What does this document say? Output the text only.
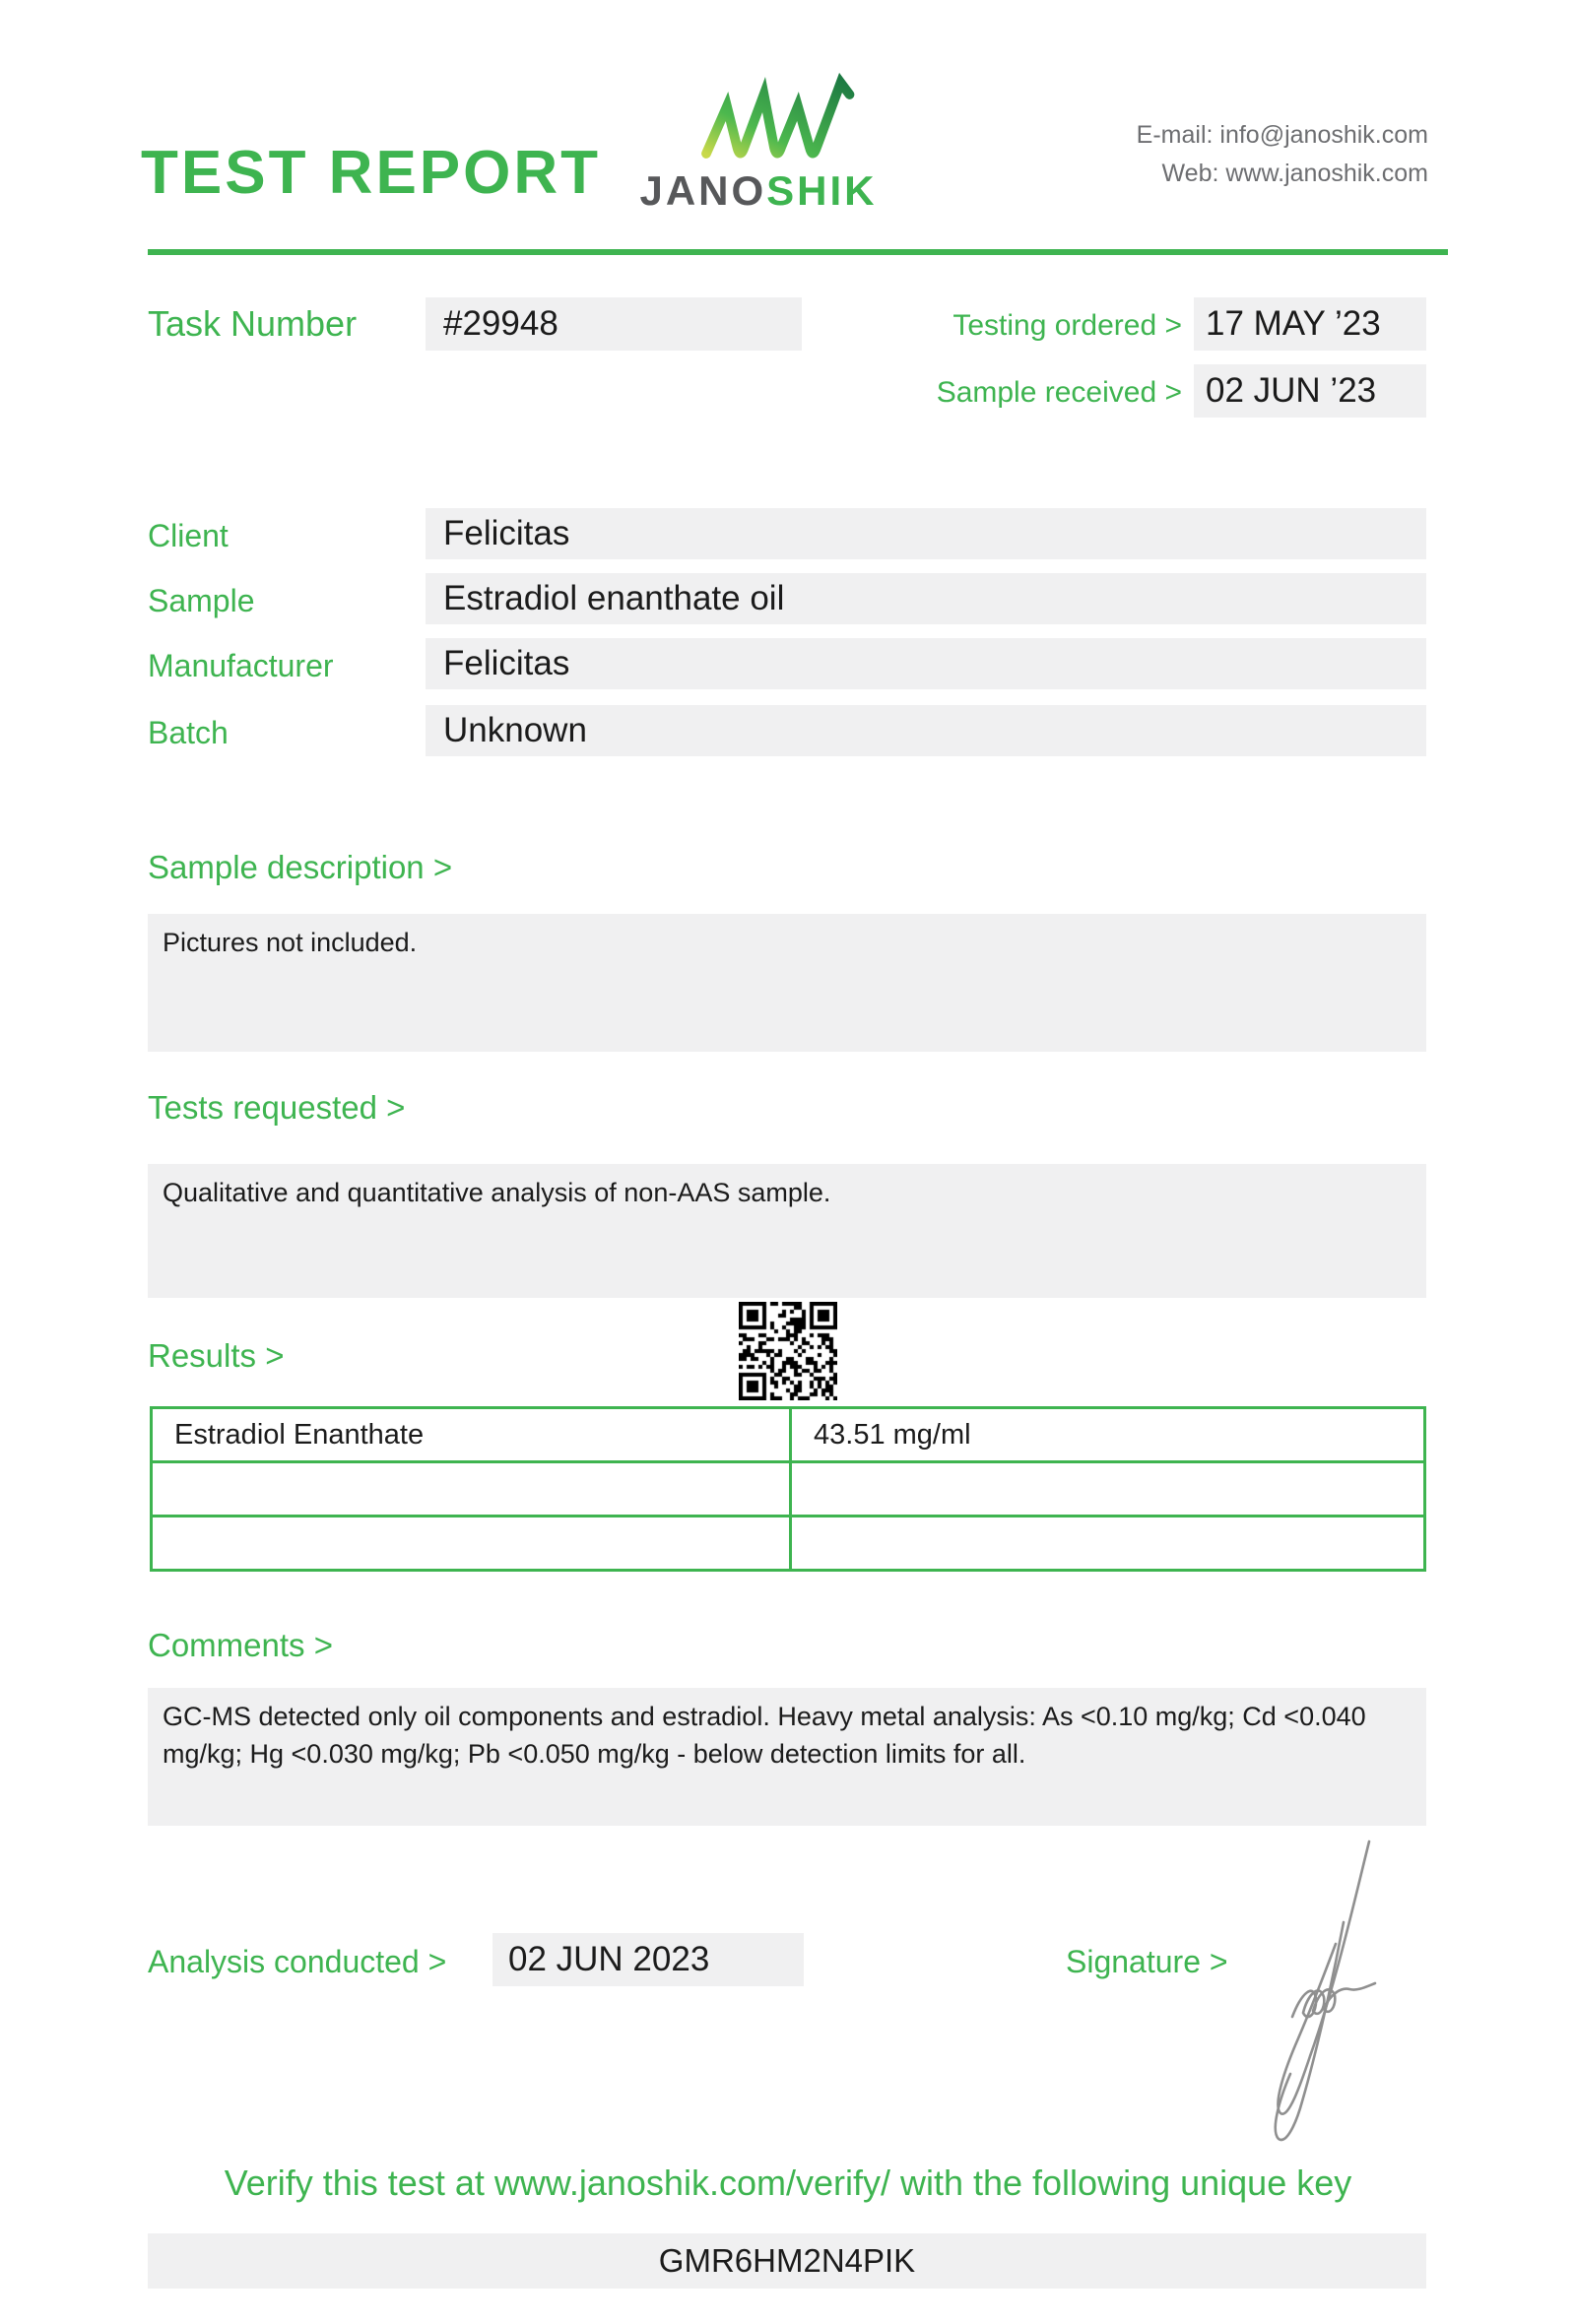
TEST REPORT JANOSHIK
E-mail: info@janoshik.com
Web: www.janoshik.com
Task Number	#29948	Testing ordered > 17 MAY ’23
Sample received > 02 JUN ’23
Client	Felicitas
Sample	Estradiol enanthate oil
Manufacturer	Felicitas
Batch	Unknown
Sample description >
Pictures not included.
Tests requested >
Qualitative and quantitative analysis of non-AAS sample.
Results >
Estradiol Enanthate	43.51 mg/ml

Comments >
GC-MS detected only oil components and estradiol. Heavy metal analysis: As <0.10 mg/kg; Cd <0.040 mg/kg; Hg <0.030 mg/kg; Pb <0.050 mg/kg - below detection limits for all.
Analysis conducted >	02 JUN 2023	Signature >
Verify this test at www.janoshik.com/verify/ with the following unique key
GMR6HM2N4PIK
